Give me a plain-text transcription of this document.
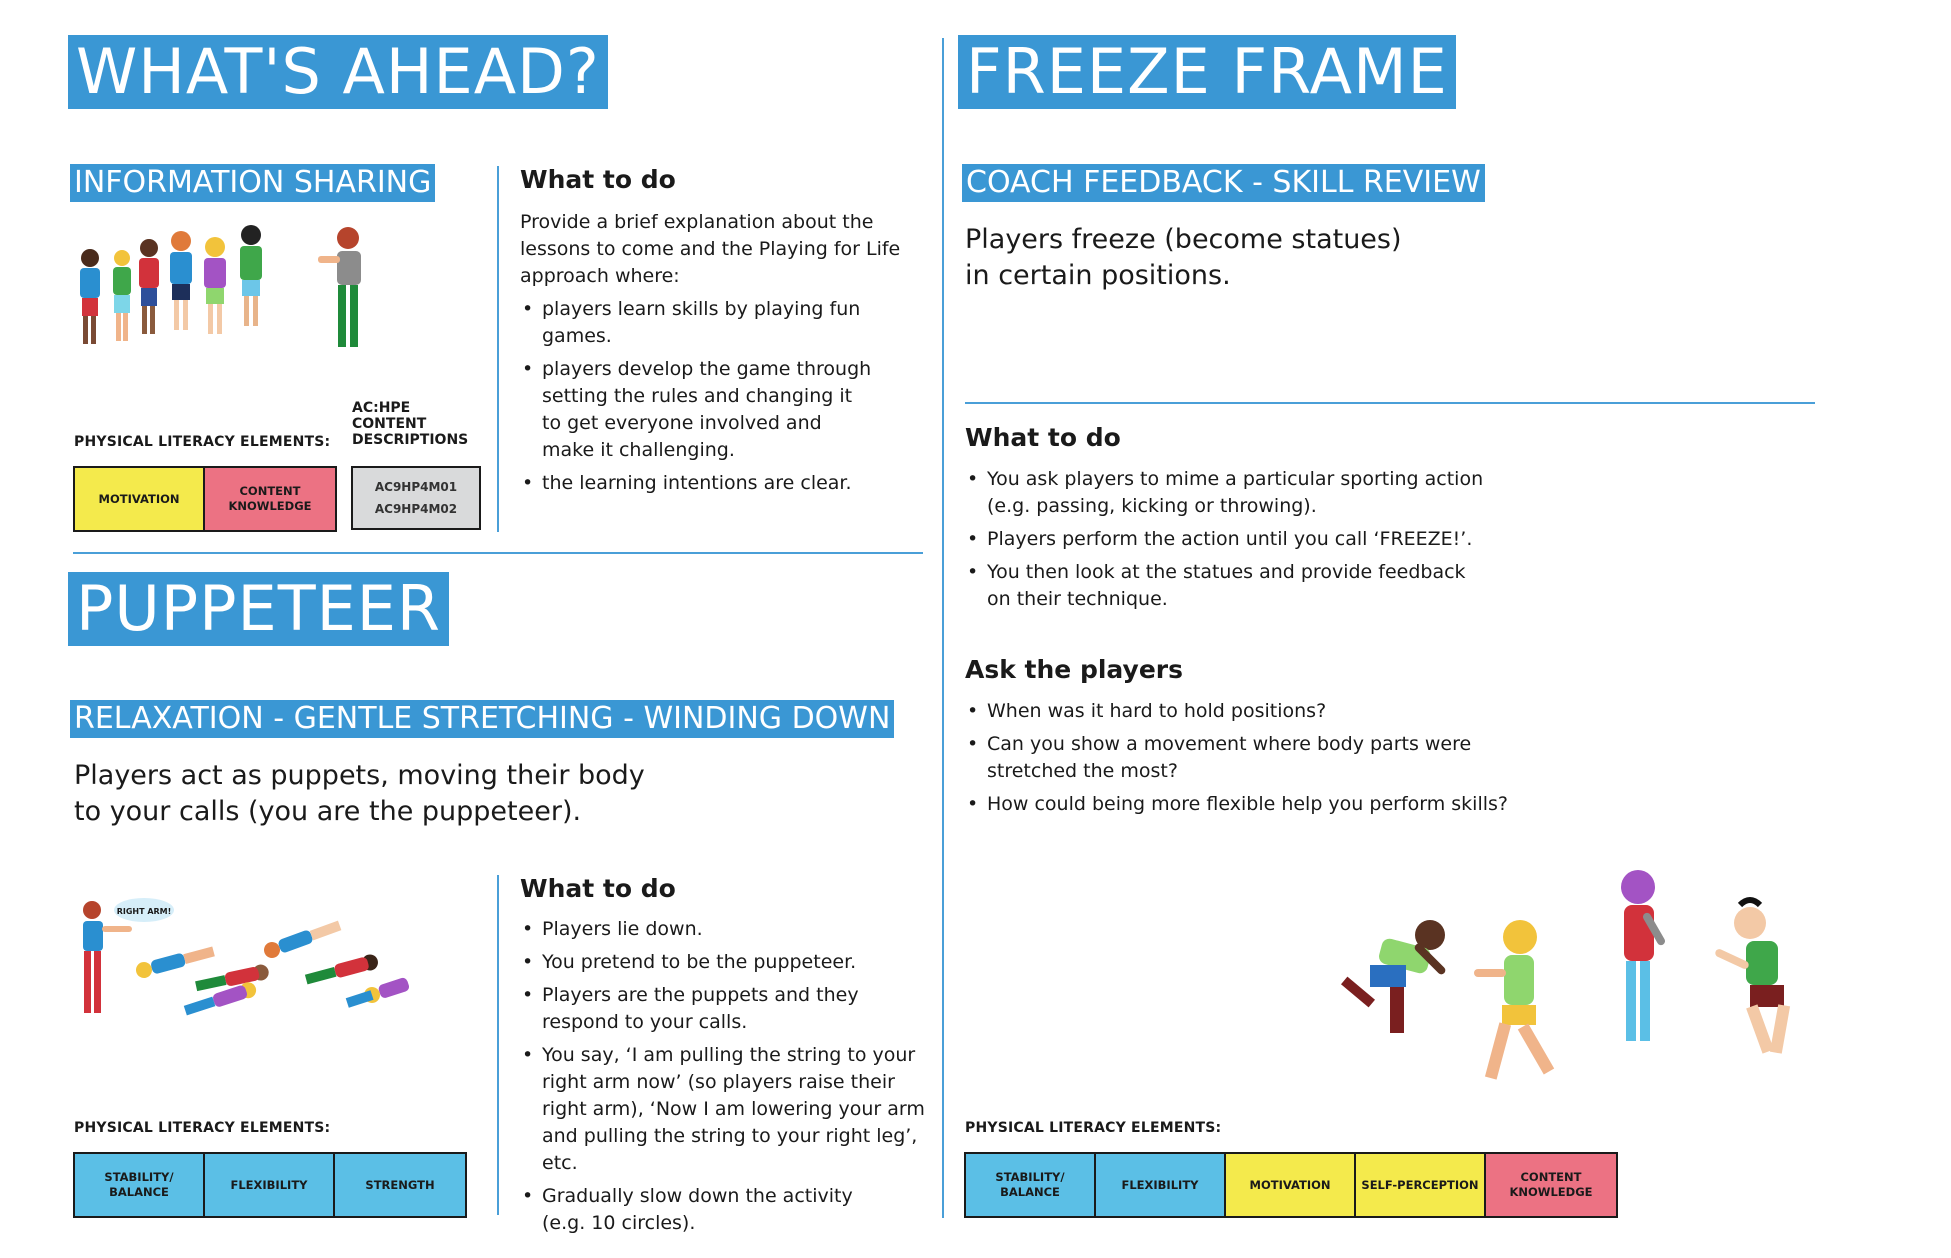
WHAT'S AHEAD?
INFORMATION SHARING
PHYSICAL LITERACY ELEMENTS:
MOTIVATION
CONTENT KNOWLEDGE
AC:HPE CONTENT DESCRIPTIONS
AC9HP4M01
AC9HP4M02
What to do
Provide a brief explanation about the lessons to come and the Playing for Life approach where:
• players learn skills by playing fun games.
• players develop the game through setting the rules and changing it to get everyone involved and make it challenging.
• the learning intentions are clear.
PUPPETEER
RELAXATION - GENTLE STRETCHING - WINDING DOWN
Players act as puppets, moving their body to your calls (you are the puppeteer).
RIGHT ARM!
PHYSICAL LITERACY ELEMENTS:
STABILITY/ BALANCE
FLEXIBILITY	STRENGTH
What to do
• Players lie down.
• You pretend to be the puppeteer.
• Players are the puppets and they respond to your calls.
• You say, ‘I am pulling the string to your right arm now’ (so players raise their right arm), ‘Now I am lowering your arm and pulling the string to your right leg’, etc.
• Gradually slow down the activity (e.g. 10 circles).
FREEZE FRAME
COACH FEEDBACK - SKILL REVIEW
Players freeze (become statues) in certain positions.
What to do
• You ask players to mime a particular sporting action (e.g. passing, kicking or throwing).
• Players perform the action until you call ‘FREEZE!’.
• You then look at the statues and provide feedback on their technique.
Ask the players
• When was it hard to hold positions?
• Can you show a movement where body parts were stretched the most?
• How could being more flexible help you perform skills?
PHYSICAL LITERACY ELEMENTS:
STABILITY/ BALANCE
FLEXIBILITY	MOTIVATION	SELF-PERCEPTION
CONTENT KNOWLEDGE
